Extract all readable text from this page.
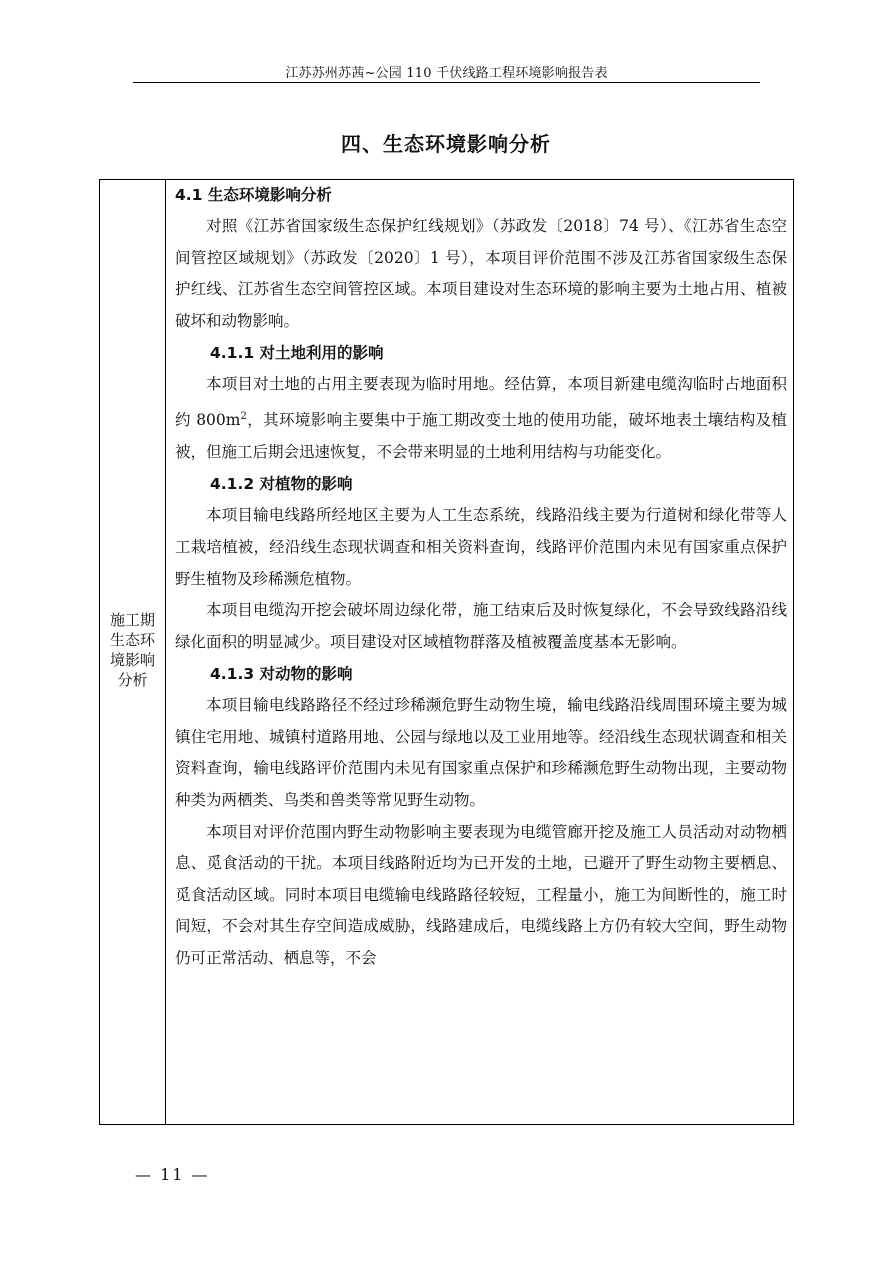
江苏苏州苏茜~公园 110 千伏线路工程环境影响报告表
四、生态环境影响分析
施工期
生态环
境影响
分析
4.1 生态环境影响分析

对照《江苏省国家级生态保护红线规划》（苏政发〔2018〕74 号）、《江苏省生态空间管控区域规划》（苏政发〔2020〕1 号），本项目评价范围不涉及江苏省国家级生态保护红线、江苏省生态空间管控区域。本项目建设对生态环境的影响主要为土地占用、植被破坏和动物影响。

4.1.1 对土地利用的影响

本项目对土地的占用主要表现为临时用地。经估算，本项目新建电缆沟临时占地面积约 $800m^2$，其环境影响主要集中于施工期改变土地的使用功能，破坏地表土壤结构及植被，但施工后期会迅速恢复，不会带来明显的土地利用结构与功能变化。

4.1.2 对植物的影响

本项目输电线路所经地区主要为人工生态系统，线路沿线主要为行道树和绿化带等人工栽培植被，经沿线生态现状调查和相关资料查询，线路评价范围内未见有国家重点保护野生植物及珍稀濒危植物。

本项目电缆沟开挖会破坏周边绿化带，施工结束后及时恢复绿化，不会导致线路沿线绿化面积的明显减少。项目建设对区域植物群落及植被覆盖度基本无影响。

4.1.3 对动物的影响

本项目输电线路路径不经过珍稀濒危野生动物生境，输电线路沿线周围环境主要为城镇住宅用地、城镇村道路用地、公园与绿地以及工业用地等。经沿线生态现状调查和相关资料查询，输电线路评价范围内未见有国家重点保护和珍稀濒危野生动物出现，主要动物种类为两栖类、鸟类和兽类等常见野生动物。

本项目对评价范围内野生动物影响主要表现为电缆管廊开挖及施工人员活动对动物栖息、觅食活动的干扰。本项目线路附近均为已开发的土地，已避开了野生动物主要栖息、觅食活动区域。同时本项目电缆输电线路路径较短，工程量小，施工为间断性的，施工时间短，不会对其生存空间造成威胁，线路建成后，电缆线路上方仍有较大空间，野生动物仍可正常活动、栖息等，不会

— 11 —
